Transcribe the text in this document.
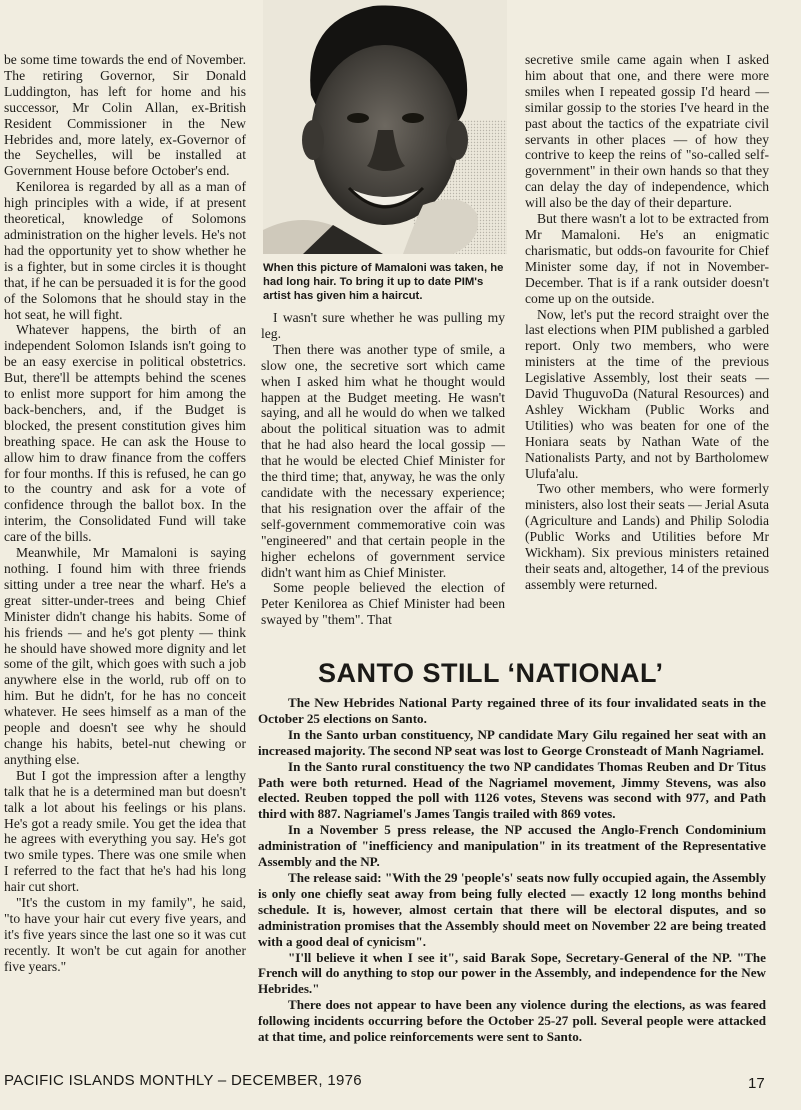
be some time towards the end of November. The retiring Governor, Sir Donald Luddington, has left for home and his successor, Mr Colin Allan, ex-British Resident Commissioner in the New Hebrides and, more lately, ex-Governor of the Seychelles, will be installed at Government House before October's end.

Kenilorea is regarded by all as a man of high principles with a wide, if at present theoretical, knowledge of Solomons administration on the higher levels. He's not had the opportunity yet to show whether he is a fighter, but in some circles it is thought that, if he can be persuaded it is for the good of the Solomons that he should stay in the hot seat, he will fight.

Whatever happens, the birth of an independent Solomon Islands isn't going to be an easy exercise in political obstetrics. But, there'll be attempts behind the scenes to enlist more support for him among the back-benchers, and, if the Budget is blocked, the present constitution gives him breathing space. He can ask the House to allow him to draw finance from the coffers for four months. If this is refused, he can go to the country and ask for a vote of confidence through the ballot box. In the interim, the Consolidated Fund will take care of the bills.

Meanwhile, Mr Mamaloni is saying nothing. I found him with three friends sitting under a tree near the wharf. He's a great sitter-under-trees and being Chief Minister didn't change his habits. Some of his friends — and he's got plenty — think he should have showed more dignity and let some of the gilt, which goes with such a job anywhere else in the world, rub off on to him. But he didn't, for he has no conceit whatever. He sees himself as a man of the people and doesn't see why he should change his habits, betel-nut chewing or anything else.

But I got the impression after a lengthy talk that he is a determined man but doesn't talk a lot about his feelings or his plans. He's got a ready smile. You get the idea that he agrees with everything you say. He's got two smile types. There was one smile when I referred to the fact that he's had his long hair cut short.

"It's the custom in my family", he said, "to have your hair cut every five years, and it's five years since the last one so it was cut recently. It won't be cut again for another five years."

When this picture of Mamaloni was taken, he had long hair. To bring it up to date PIM's artist has given him a haircut.

I wasn't sure whether he was pulling my leg.

Then there was another type of smile, a slow one, the secretive sort which came when I asked him what he thought would happen at the Budget meeting. He wasn't saying, and all he would do when we talked about the political situation was to admit that he had also heard the local gossip — that he would be elected Chief Minister for the third time; that, anyway, he was the only candidate with the necessary experience; that his resignation over the affair of the self-government commemorative coin was "engineered" and that certain people in the higher echelons of government service didn't want him as Chief Minister.

Some people believed the election of Peter Kenilorea as Chief Minister had been swayed by "them". That

secretive smile came again when I asked him about that one, and there were more smiles when I repeated gossip I'd heard — similar gossip to the stories I've heard in the past about the tactics of the expatriate civil servants in other places — of how they contrive to keep the reins of "so-called self-government" in their own hands so that they can delay the day of independence, which will also be the day of their departure.

But there wasn't a lot to be extracted from Mr Mamaloni. He's an enigmatic charismatic, but odds-on favourite for Chief Minister some day, if not in November-December. That is if a rank outsider doesn't come up on the outside.

Now, let's put the record straight over the last elections when PIM published a garbled report. Only two members, who were ministers at the time of the previous Legislative Assembly, lost their seats — David ThuguvoDa (Natural Resources) and Ashley Wickham (Public Works and Utilities) who was beaten for one of the Honiara seats by Nathan Wate of the Nationalists Party, and not by Bartholomew Ulufa'alu.

Two other members, who were formerly ministers, also lost their seats — Jerial Asuta (Agriculture and Lands) and Philip Solodia (Public Works and Utilities before Mr Wickham). Six previous ministers retained their seats and, altogether, 14 of the previous assembly were returned.

SANTO STILL ‘NATIONAL’

The New Hebrides National Party regained three of its four invalidated seats in the October 25 elections on Santo.

In the Santo urban constituency, NP candidate Mary Gilu regained her seat with an increased majority. The second NP seat was lost to George Cronsteadt of Manh Nagriamel.

In the Santo rural constituency the two NP candidates Thomas Reuben and Dr Titus Path were both returned. Head of the Nagriamel movement, Jimmy Stevens, was also elected. Reuben topped the poll with 1126 votes, Stevens was second with 977, and Path third with 887. Nagriamel's James Tangis trailed with 869 votes.

In a November 5 press release, the NP accused the Anglo-French Condominium administration of "inefficiency and manipulation" in its treatment of the Representative Assembly and the NP.

The release said: "With the 29 'people's' seats now fully occupied again, the Assembly is only one chiefly seat away from being fully elected — exactly 12 long months behind schedule. It is, however, almost certain that there will be electoral disputes, and so administration promises that the Assembly should meet on November 22 are being treated with a good deal of cynicism".

"I'll believe it when I see it", said Barak Sope, Secretary-General of the NP. "The French will do anything to stop our power in the Assembly, and independence for the New Hebrides."

There does not appear to have been any violence during the elections, as was feared following incidents occurring before the October 25-27 poll. Several people were attacked at that time, and police reinforcements were sent to Santo.

PACIFIC ISLANDS MONTHLY – DECEMBER, 1976	17
